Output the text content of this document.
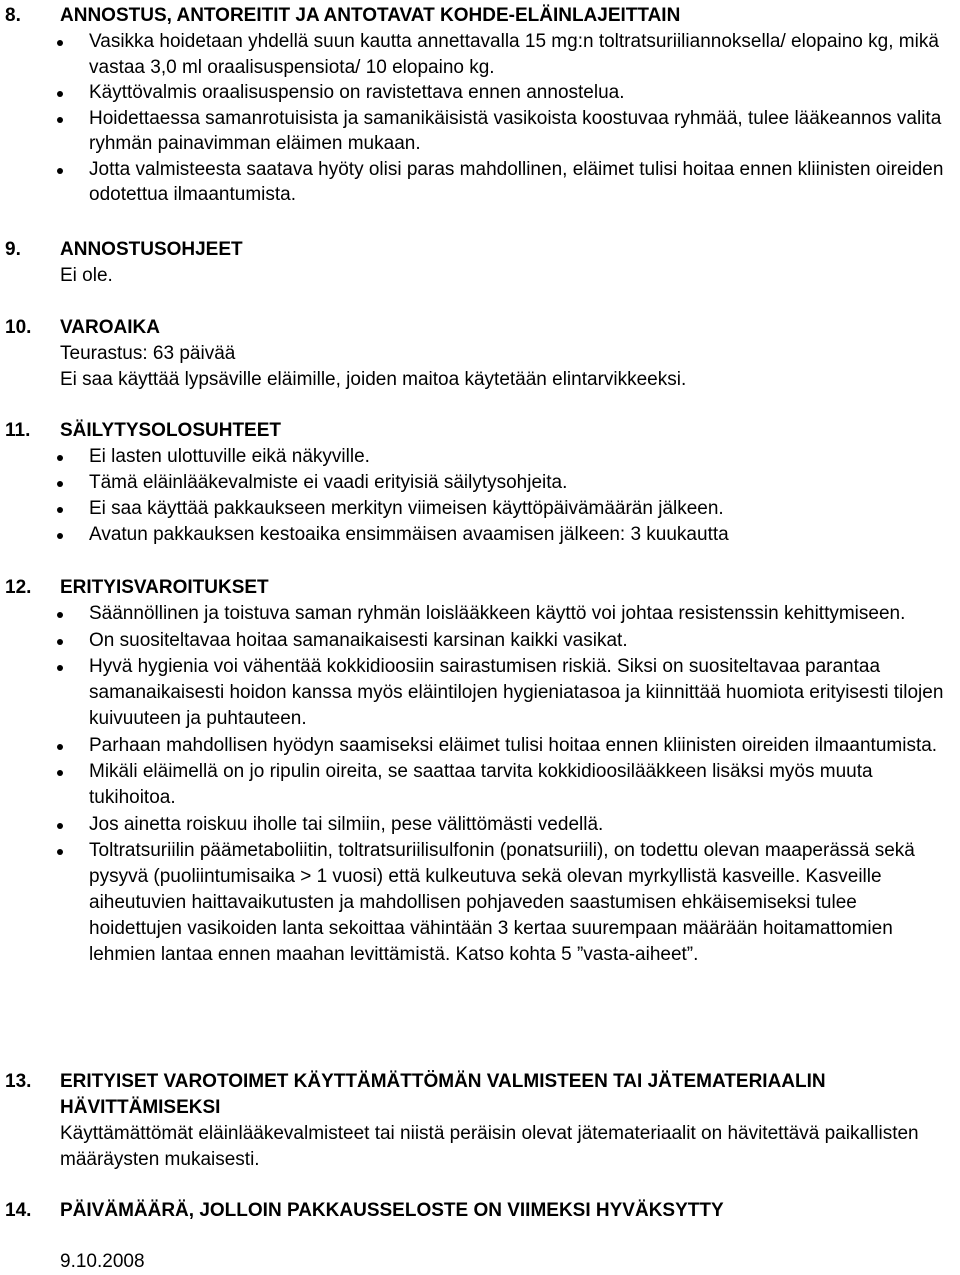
8. ANNOSTUS, ANTOREITIT JA ANTOTAVAT KOHDE-ELÄINLAJEITTAIN
Vasikka hoidetaan yhdellä suun kautta annettavalla 15 mg:n toltratsuriiliannoksella/ elopaino kg, mikä vastaa 3,0 ml oraalisuspensiota/ 10 elopaino kg.
Käyttövalmis oraalisuspensio on ravistettava ennen annostelua.
Hoidettaessa samanrotuisista ja samanikäisistä vasikoista koostuvaa ryhmää, tulee lääkeannos valita ryhmän painavimman eläimen mukaan.
Jotta valmisteesta saatava hyöty olisi paras mahdollinen, eläimet tulisi hoitaa ennen kliinisten oireiden odotettua ilmaantumista.
9. ANNOSTUSOHJEET
Ei ole.
10. VAROAIKA
Teurastus: 63 päivää
Ei saa käyttää lypsäville eläimille, joiden maitoa käytetään elintarvikkeeksi.
11. SÄILYTYSOLOSUHTEET
Ei lasten ulottuville eikä näkyville.
Tämä eläinlääkevalmiste ei vaadi erityisiä säilytysohjeita.
Ei saa käyttää pakkaukseen merkityn viimeisen käyttöpäivämäärän jälkeen.
Avatun pakkauksen kestoaika ensimmäisen avaamisen jälkeen: 3 kuukautta
12. ERITYISVAROITUKSET
Säännöllinen ja toistuva saman ryhmän loislääkkeen käyttö voi johtaa resistenssin kehittymiseen.
On suositeltavaa hoitaa samanaikaisesti karsinan kaikki vasikat.
Hyvä hygienia voi vähentää kokkidioosiin sairastumisen riskiä. Siksi on suositeltavaa parantaa samanaikaisesti hoidon kanssa myös eläintilojen hygieniatasoa ja kiinnittää huomiota erityisesti tilojen kuivuuteen ja puhtauteen.
Parhaan mahdollisen hyödyn saamiseksi eläimet tulisi hoitaa ennen kliinisten oireiden ilmaantumista.
Mikäli eläimellä on jo ripulin oireita, se saattaa tarvita kokkidioosilääkkeen lisäksi myös muuta tukihoitoa.
Jos ainetta roiskuu iholle tai silmiin, pese välittömästi vedellä.
Toltratsuriilin päämetaboliitin, toltratsuriilisulfonin (ponatsuriili), on todettu olevan maaperässä sekä pysyvä (puoliintumisaika > 1 vuosi) että kulkeutuva sekä olevan myrkyllistä kasveille. Kasveille aiheutuvien haittavaikutusten ja mahdollisen pohjaveden saastumisen ehkäisemiseksi tulee hoidettujen vasikoiden lanta sekoittaa vähintään 3 kertaa suurempaan määrään hoitamattomien lehmien lantaa ennen maahan levittämistä. Katso kohta 5 ”vasta-aiheet”.
13. ERITYISET VAROTOIMET KÄYTTÄMÄTTÖMÄN VALMISTEEN TAI JÄTEMATERIAALIN HÄVITTÄMISEKSI
Käyttämättömät eläinlääkevalmisteet tai niistä peräisin olevat jätemateriaalit on hävitettävä paikallisten määräysten mukaisesti.
14. PÄIVÄMÄÄRÄ, JOLLOIN PAKKAUSSELOSTE ON VIIMEKSI HYVÄKSYTTY
9.10.2008
